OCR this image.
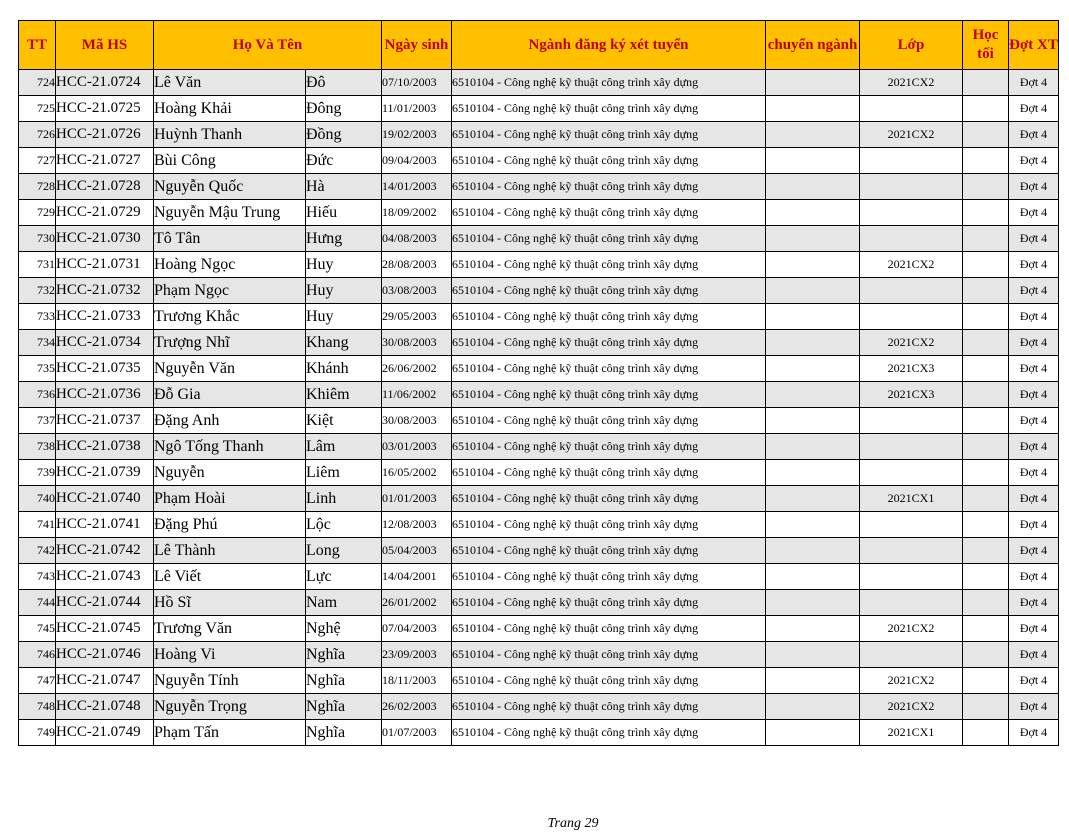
TT	Mã HS	Họ Và Tên		Ngày sinh	Ngành đăng ký xét tuyển	chuyển ngành	Lớp	Học tối	Đợt XT
724	HCC-21.0724	Lê Văn	Đô	07/10/2003	6510104 - Công nghệ kỹ thuật công trình xây dựng		2021CX2		Đợt 4
725	HCC-21.0725	Hoàng Khải	Đông	11/01/2003	6510104 - Công nghệ kỹ thuật công trình xây dựng				Đợt 4
726	HCC-21.0726	Huỳnh Thanh	Đồng	19/02/2003	6510104 - Công nghệ kỹ thuật công trình xây dựng		2021CX2		Đợt 4
727	HCC-21.0727	Bùi Công	Đức	09/04/2003	6510104 - Công nghệ kỹ thuật công trình xây dựng				Đợt 4
728	HCC-21.0728	Nguyễn Quốc	Hà	14/01/2003	6510104 - Công nghệ kỹ thuật công trình xây dựng				Đợt 4
729	HCC-21.0729	Nguyễn Mậu Trung	Hiếu	18/09/2002	6510104 - Công nghệ kỹ thuật công trình xây dựng				Đợt 4
730	HCC-21.0730	Tô Tân	Hưng	04/08/2003	6510104 - Công nghệ kỹ thuật công trình xây dựng				Đợt 4
731	HCC-21.0731	Hoàng Ngọc	Huy	28/08/2003	6510104 - Công nghệ kỹ thuật công trình xây dựng		2021CX2		Đợt 4
732	HCC-21.0732	Phạm Ngọc	Huy	03/08/2003	6510104 - Công nghệ kỹ thuật công trình xây dựng				Đợt 4
733	HCC-21.0733	Trương Khắc	Huy	29/05/2003	6510104 - Công nghệ kỹ thuật công trình xây dựng				Đợt 4
734	HCC-21.0734	Trượng Nhĩ	Khang	30/08/2003	6510104 - Công nghệ kỹ thuật công trình xây dựng		2021CX2		Đợt 4
735	HCC-21.0735	Nguyễn Văn	Khánh	26/06/2002	6510104 - Công nghệ kỹ thuật công trình xây dựng		2021CX3		Đợt 4
736	HCC-21.0736	Đỗ Gia	Khiêm	11/06/2002	6510104 - Công nghệ kỹ thuật công trình xây dựng		2021CX3		Đợt 4
737	HCC-21.0737	Đặng Anh	Kiệt	30/08/2003	6510104 - Công nghệ kỹ thuật công trình xây dựng				Đợt 4
738	HCC-21.0738	Ngô Tống Thanh	Lâm	03/01/2003	6510104 - Công nghệ kỹ thuật công trình xây dựng				Đợt 4
739	HCC-21.0739	Nguyễn	Liêm	16/05/2002	6510104 - Công nghệ kỹ thuật công trình xây dựng				Đợt 4
740	HCC-21.0740	Phạm Hoài	Linh	01/01/2003	6510104 - Công nghệ kỹ thuật công trình xây dựng		2021CX1		Đợt 4
741	HCC-21.0741	Đặng Phú	Lộc	12/08/2003	6510104 - Công nghệ kỹ thuật công trình xây dựng				Đợt 4
742	HCC-21.0742	Lê Thành	Long	05/04/2003	6510104 - Công nghệ kỹ thuật công trình xây dựng				Đợt 4
743	HCC-21.0743	Lê Viết	Lực	14/04/2001	6510104 - Công nghệ kỹ thuật công trình xây dựng				Đợt 4
744	HCC-21.0744	Hồ Sĩ	Nam	26/01/2002	6510104 - Công nghệ kỹ thuật công trình xây dựng				Đợt 4
745	HCC-21.0745	Trương Văn	Nghệ	07/04/2003	6510104 - Công nghệ kỹ thuật công trình xây dựng		2021CX2		Đợt 4
746	HCC-21.0746	Hoàng Vi	Nghĩa	23/09/2003	6510104 - Công nghệ kỹ thuật công trình xây dựng				Đợt 4
747	HCC-21.0747	Nguyễn Tính	Nghĩa	18/11/2003	6510104 - Công nghệ kỹ thuật công trình xây dựng		2021CX2		Đợt 4
748	HCC-21.0748	Nguyễn Trọng	Nghĩa	26/02/2003	6510104 - Công nghệ kỹ thuật công trình xây dựng		2021CX2		Đợt 4
749	HCC-21.0749	Phạm Tấn	Nghĩa	01/07/2003	6510104 - Công nghệ kỹ thuật công trình xây dựng		2021CX1		Đợt 4
Trang 29
